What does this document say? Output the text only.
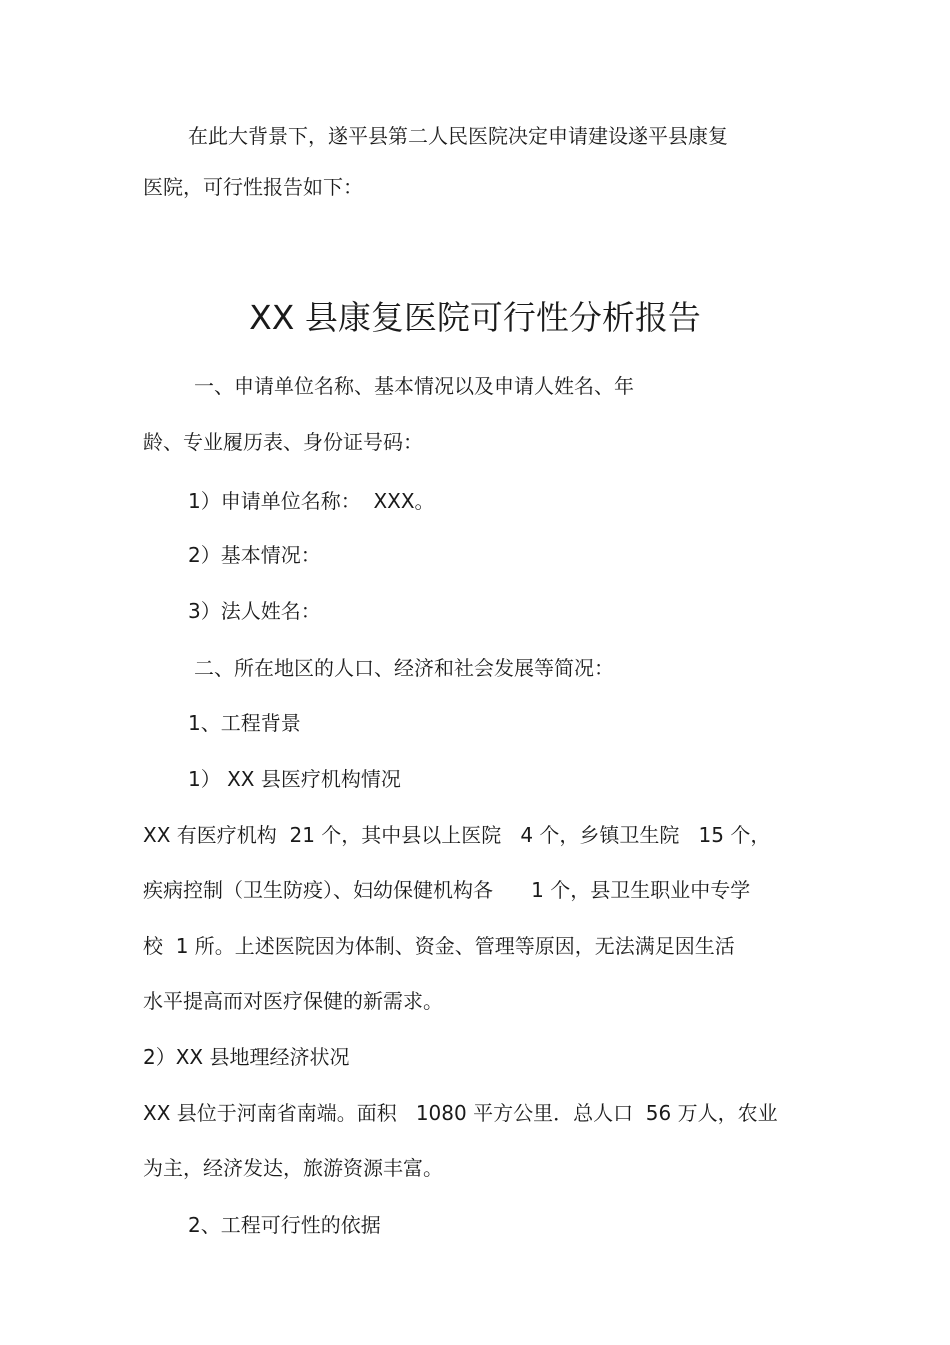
在此大背景下，遂平县第二人民医院决定申请建设遂平县康复

医院，可行性报告如下：

XX 县康复医院可行性分析报告

一、申请单位名称、基本情况以及申请人姓名、年

龄、专业履历表、身份证号码：

1）申请单位名称：  XXX。

2）基本情况：

3）法人姓名：

二、所在地区的人口、经济和社会发展等简况：

1、工程背景

1） XX 县医疗机构情况

XX 有医疗机构  21 个，其中县以上医院   4 个，乡镇卫生院   15 个，

疾病控制（卫生防疫）、妇幼保健机构各      1 个，县卫生职业中专学

校  1 所。上述医院因为体制、资金、管理等原因，无法满足因生活

水平提高而对医疗保健的新需求。

2）XX 县地理经济状况

XX 县位于河南省南端。面积   1080 平方公里．总人口  56 万人，农业

为主，经济发达，旅游资源丰富。

2、工程可行性的依据
